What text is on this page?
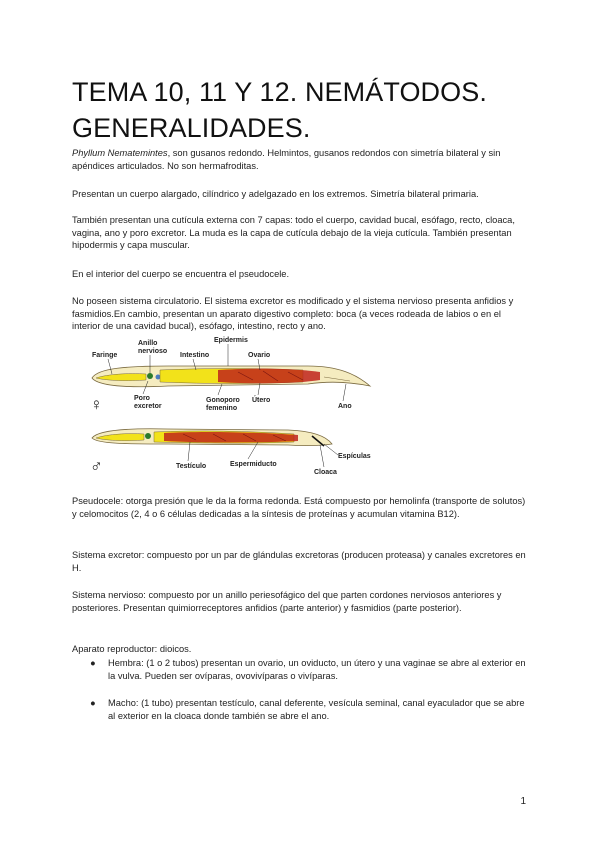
TEMA 10, 11 Y 12. NEMÁTODOS. GENERALIDADES.

Phyllum Nematemintes, son gusanos redondo. Helmintos, gusanos redondos con simetría bilateral y sin apéndices articulados. No son hermafroditas.

Presentan un cuerpo alargado, cilíndrico y adelgazado en los extremos. Simetría bilateral primaria.

También presentan una cutícula externa con 7 capas: todo el cuerpo, cavidad bucal, esófago, recto, cloaca, vagina, ano y poro excretor. La muda es la capa de cutícula debajo de la vieja cutícula. También presentan hipodermis y capa muscular.

En el interior del cuerpo se encuentra el pseudocele.

No poseen sistema circulatorio. El sistema excretor es modificado y el sistema nervioso presenta anfidios y fasmidios.En cambio, presentan un aparato digestivo completo: boca (a veces rodeada de labios o en el interior de una cavidad bucal), esófago, intestino, recto y ano.

Faringe
Anillo
nervioso
Intestino
Epidermis
Ovario
♀	Poro
excretor
Gonoporo
femenino
Útero
Ano
♂	Testículo	Espermiducto
Espículas
Cloaca

Pseudocele: otorga presión que le da la forma redonda. Está compuesto por hemolinfa (transporte de solutos) y celomocitos (2, 4 o 6 células dedicadas a la síntesis de proteínas y acumulan vitamina B12).

Sistema excretor: compuesto por un par de glándulas excretoras (producen proteasa) y canales excretores en H.

Sistema nervioso: compuesto por un anillo periesofágico del que parten cordones nerviosos anteriores y posteriores. Presentan quimiorreceptores anfidios (parte anterior) y fasmidios (parte posterior).

Aparato reproductor: dioicos.

● Hembra: (1 o 2 tubos) presentan un ovario, un oviducto, un útero y una vaginae se abre al exterior en la vulva. Pueden ser ovíparas, ovovivíparas o vivíparas.
● Macho: (1 tubo) presentan testículo, canal deferente, vesícula seminal, canal eyaculador que se abre al exterior en la cloaca donde también se abre el ano.
1
